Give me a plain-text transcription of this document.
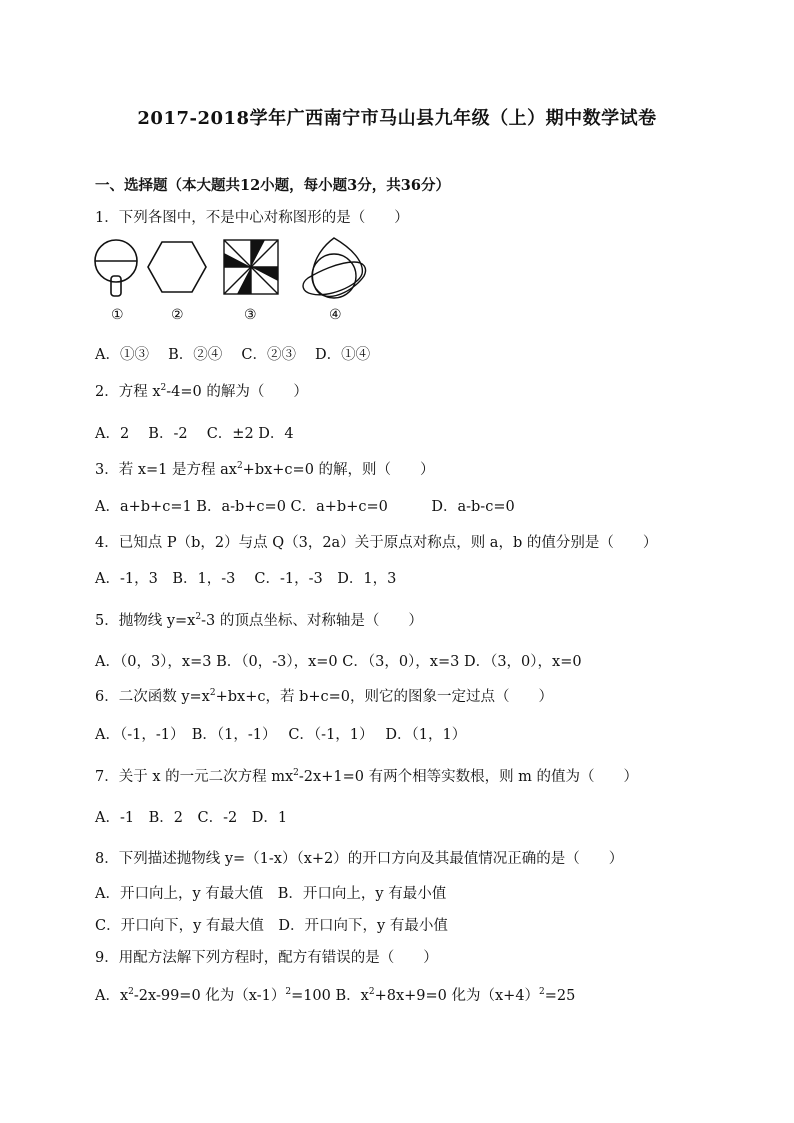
2017-2018学年广西南宁市马山县九年级（上）期中数学试卷
一、选择题（本大题共12小题，每小题3分，共36分）
1．下列各图中，不是中心对称图形的是（　　）
①	②	③	④
A．①③　 B．②④　 C．②③　 D．①④
2．方程 $x^2-4=0$ 的解为（　　）
A．2　 B．-2　 C．±2 D．4
3．若 x=1 是方程 $ax^2+bx+c=0$ 的解，则（　　）
A．a+b+c=1 B．a-b+c=0 C．a+b+c=0　　　D．a-b-c=0
4．已知点 P（b，2）与点 Q（3，2a）关于原点对称点，则 a，b 的值分别是（　　）
A．-1，3　B．1，-3　 C．-1，-3　D．1，3
5．抛物线 $y=x^2-3$ 的顶点坐标、对称轴是（　　）
A．（0，3），x=3 B．（0，-3），x=0 C．（3，0），x=3 D．（3，0），x=0
6．二次函数 $y=x^2+bx+c$，若 b+c=0，则它的图象一定过点（　　）
A．（-1，-1）　B．（1，-1）　 C．（-1，1）　 D．（1，1）
7．关于 x 的一元二次方程 $mx^2-2x+1=0$ 有两个相等实数根，则 m 的值为（　　）
A．-1　B．2　C．-2　D．1
8．下列描述抛物线 y=（1-x）（x+2）的开口方向及其最值情况正确的是（　　）
A．开口向上，y 有最大值　B．开口向上，y 有最小值
C．开口向下，y 有最大值　D．开口向下，y 有最小值
9．用配方法解下列方程时，配方有错误的是（　　）
A．$x^2-2x-99=0$ 化为$(x-1)^2=100$ B．$x^2+8x+9=0$ 化为$(x+4)^2=25$
